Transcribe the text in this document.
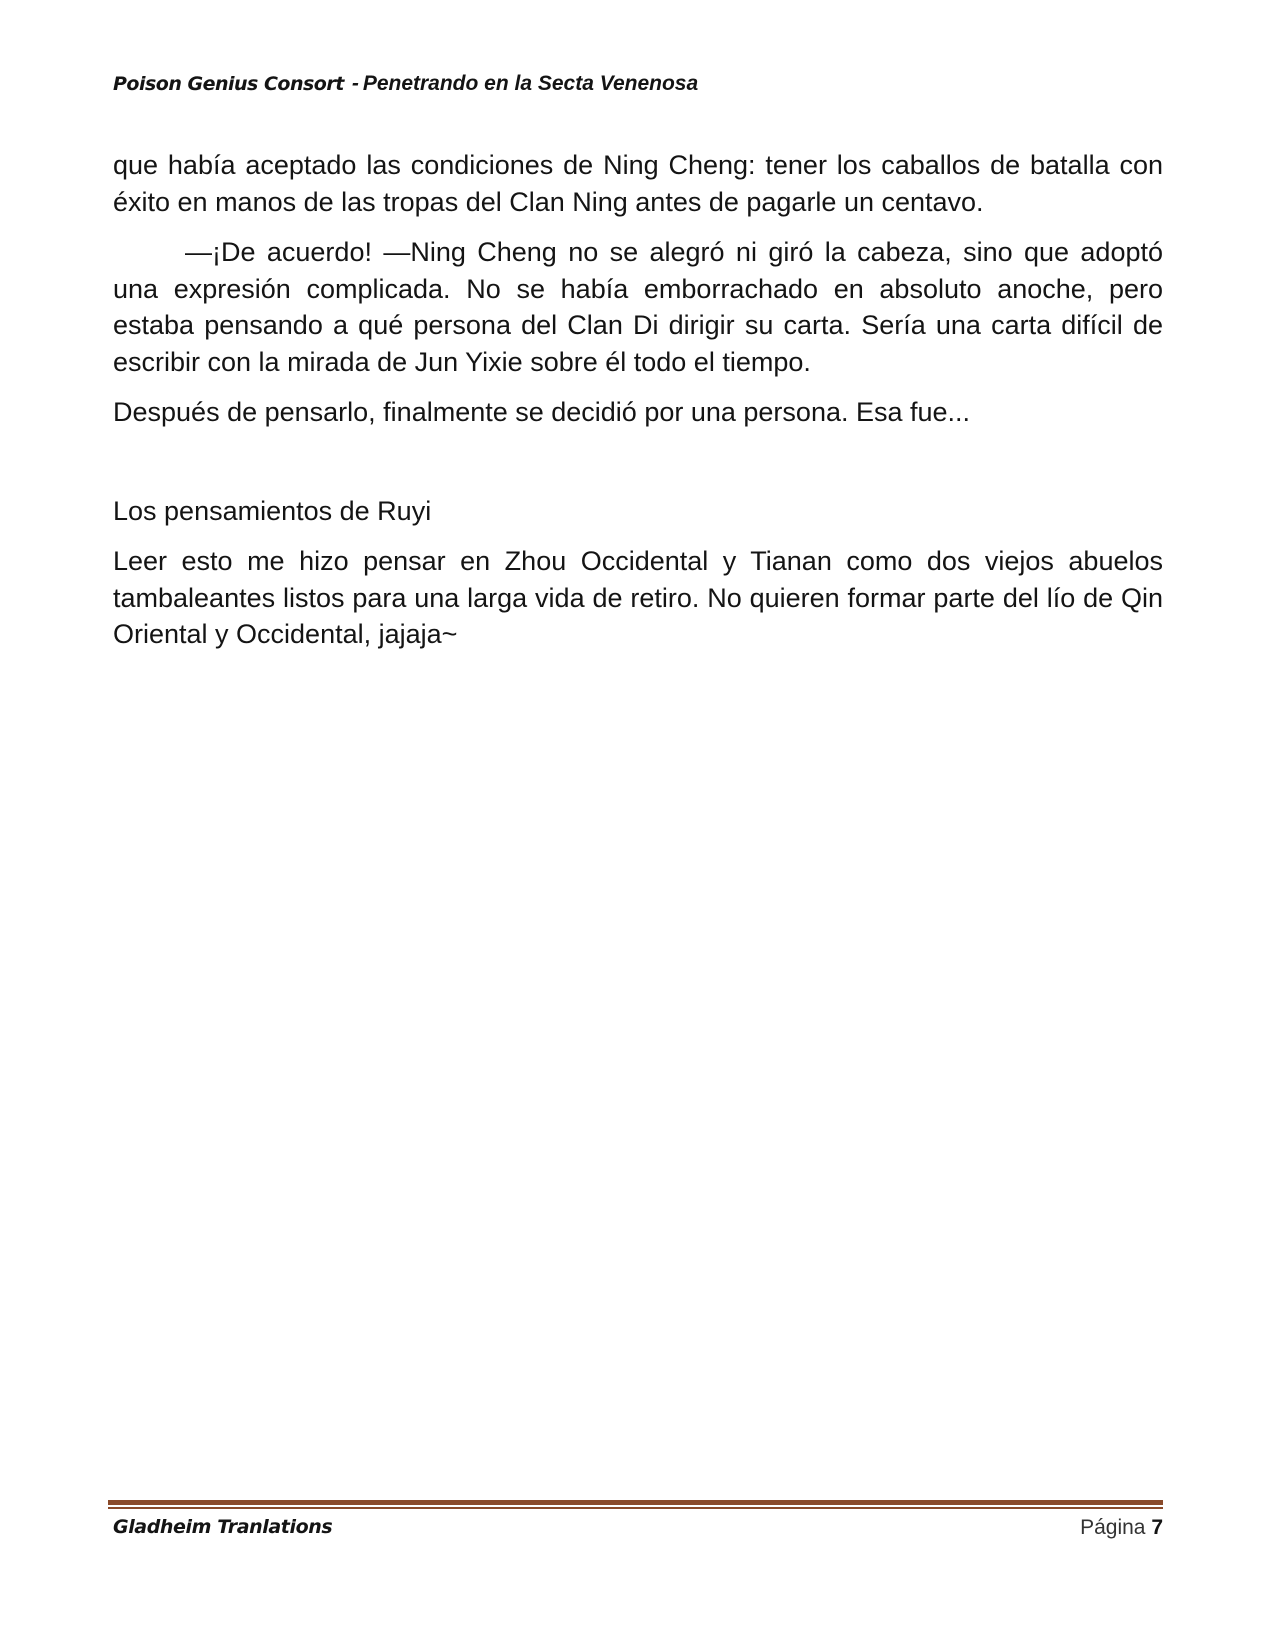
Poison Genius Consort - Penetrando en la Secta Venenosa

que había aceptado las condiciones de Ning Cheng: tener los caballos de batalla con éxito en manos de las tropas del Clan Ning antes de pagarle un centavo.

—¡De acuerdo! —Ning Cheng no se alegró ni giró la cabeza, sino que adoptó una expresión complicada. No se había emborrachado en absoluto anoche, pero estaba pensando a qué persona del Clan Di dirigir su carta. Sería una carta difícil de escribir con la mirada de Jun Yixie sobre él todo el tiempo.

Después de pensarlo, finalmente se decidió por una persona. Esa fue...

Los pensamientos de Ruyi

Leer esto me hizo pensar en Zhou Occidental y Tianan como dos viejos abuelos tambaleantes listos para una larga vida de retiro. No quieren formar parte del lío de Qin Oriental y Occidental, jajaja~

Gladheim Tranlations	Página 7
